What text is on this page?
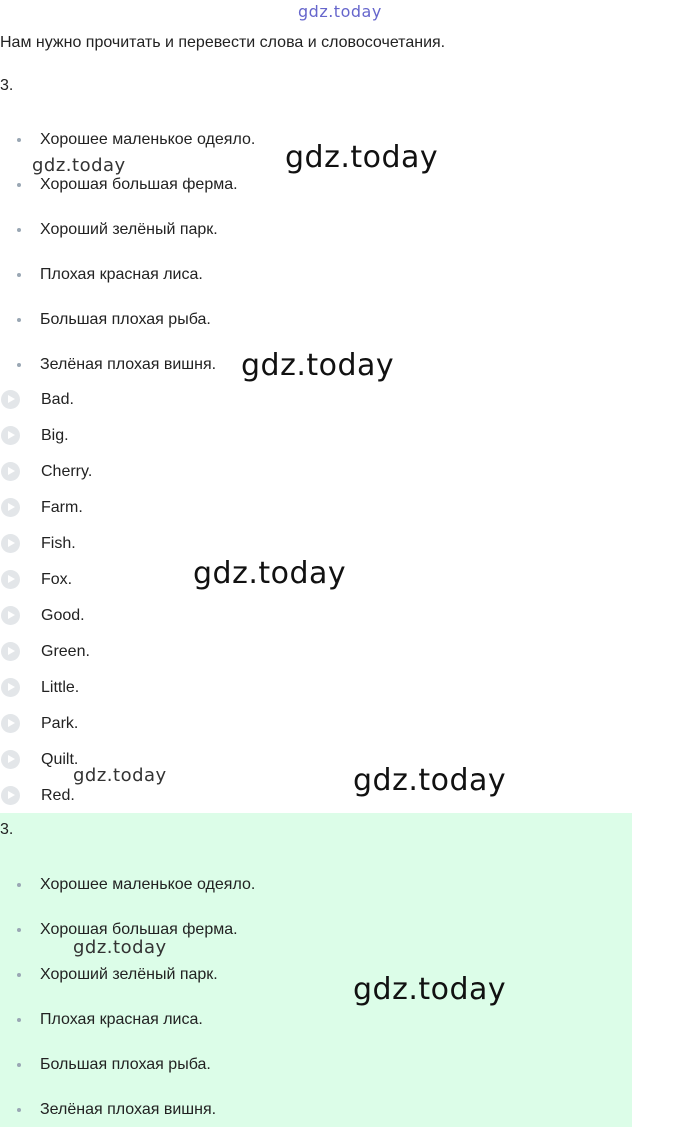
Нам нужно прочитать и перевести слова и словосочетания.
3.
Хорошее маленькое одеяло.
Хорошая большая ферма.
Хороший зелёный парк.
Плохая красная лиса.
Большая плохая рыба.
Зелёная плохая вишня.
Bad.
Big.
Cherry.
Farm.
Fish.
Fox.
Good.
Green.
Little.
Park.
Quilt.
Red.
3.
Хорошее маленькое одеяло.
Хорошая большая ферма.
Хороший зелёный парк.
Плохая красная лиса.
Большая плохая рыба.
Зелёная плохая вишня.
gdz.today
gdz.today	gdz.today
gdz.today
gdz.today
gdz.today	gdz.today
gdz.today
gdz.today
